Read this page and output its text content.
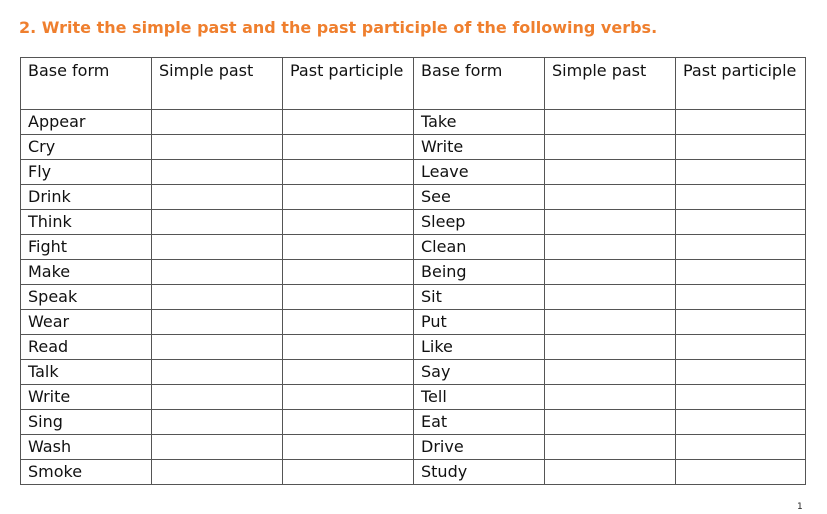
2. Write the simple past and the past participle of the following verbs.
Base form	Simple past	Past participle	Base form	Simple past	Past participle
Appear			Take		
Cry			Write		
Fly			Leave		
Drink			See		
Think			Sleep		
Fight			Clean		
Make			Being		
Speak			Sit		
Wear			Put		
Read			Like		
Talk			Say		
Write			Tell		
Sing			Eat		
Wash			Drive		
Smoke			Study		
1
